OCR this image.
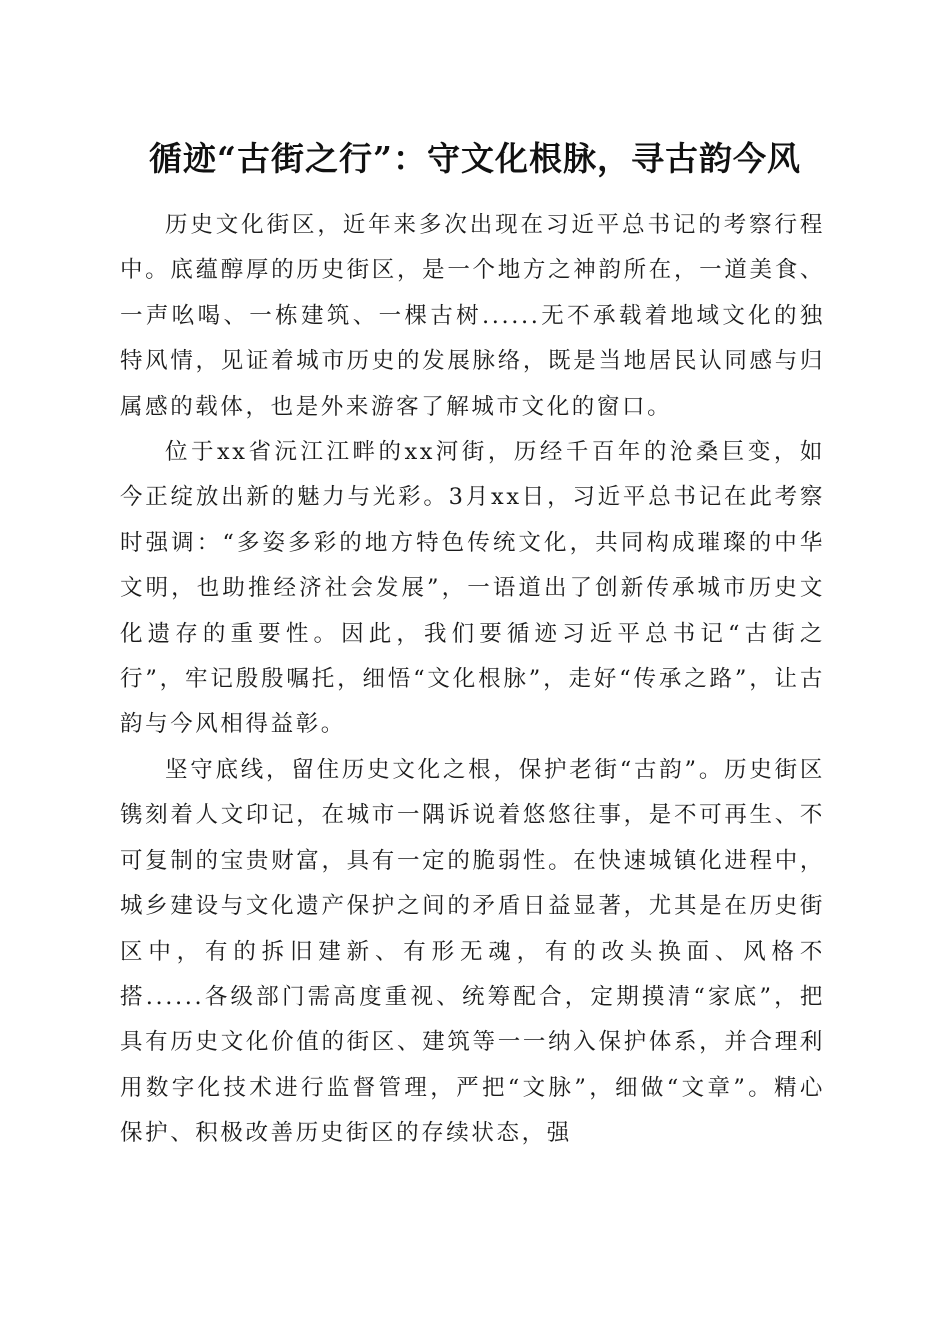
循迹“古街之行”：守文化根脉，寻古韵今风

历史文化街区，近年来多次出现在习近平总书记的考察行程中。底蕴醇厚的历史街区，是一个地方之神韵所在，一道美食、一声吆喝、一栋建筑、一棵古树......无不承载着地域文化的独特风情，见证着城市历史的发展脉络，既是当地居民认同感与归属感的载体，也是外来游客了解城市文化的窗口。

位于xx省沅江江畔的xx河街，历经千百年的沧桑巨变，如今正绽放出新的魅力与光彩。3月xx日，习近平总书记在此考察时强调：“多姿多彩的地方特色传统文化，共同构成璀璨的中华文明，也助推经济社会发展”，一语道出了创新传承城市历史文化遗存的重要性。因此，我们要循迹习近平总书记“古街之行”，牢记殷殷嘱托，细悟“文化根脉”，走好“传承之路”，让古韵与今风相得益彰。

坚守底线，留住历史文化之根，保护老街“古韵”。历史街区镌刻着人文印记，在城市一隅诉说着悠悠往事，是不可再生、不可复制的宝贵财富，具有一定的脆弱性。在快速城镇化进程中，城乡建设与文化遗产保护之间的矛盾日益显著，尤其是在历史街区中，有的拆旧建新、有形无魂，有的改头换面、风格不搭......各级部门需高度重视、统筹配合，定期摸清“家底”，把具有历史文化价值的街区、建筑等一一纳入保护体系，并合理利用数字化技术进行监督管理，严把“文脉”，细做“文章”。精心保护、积极改善历史街区的存续状态，强
